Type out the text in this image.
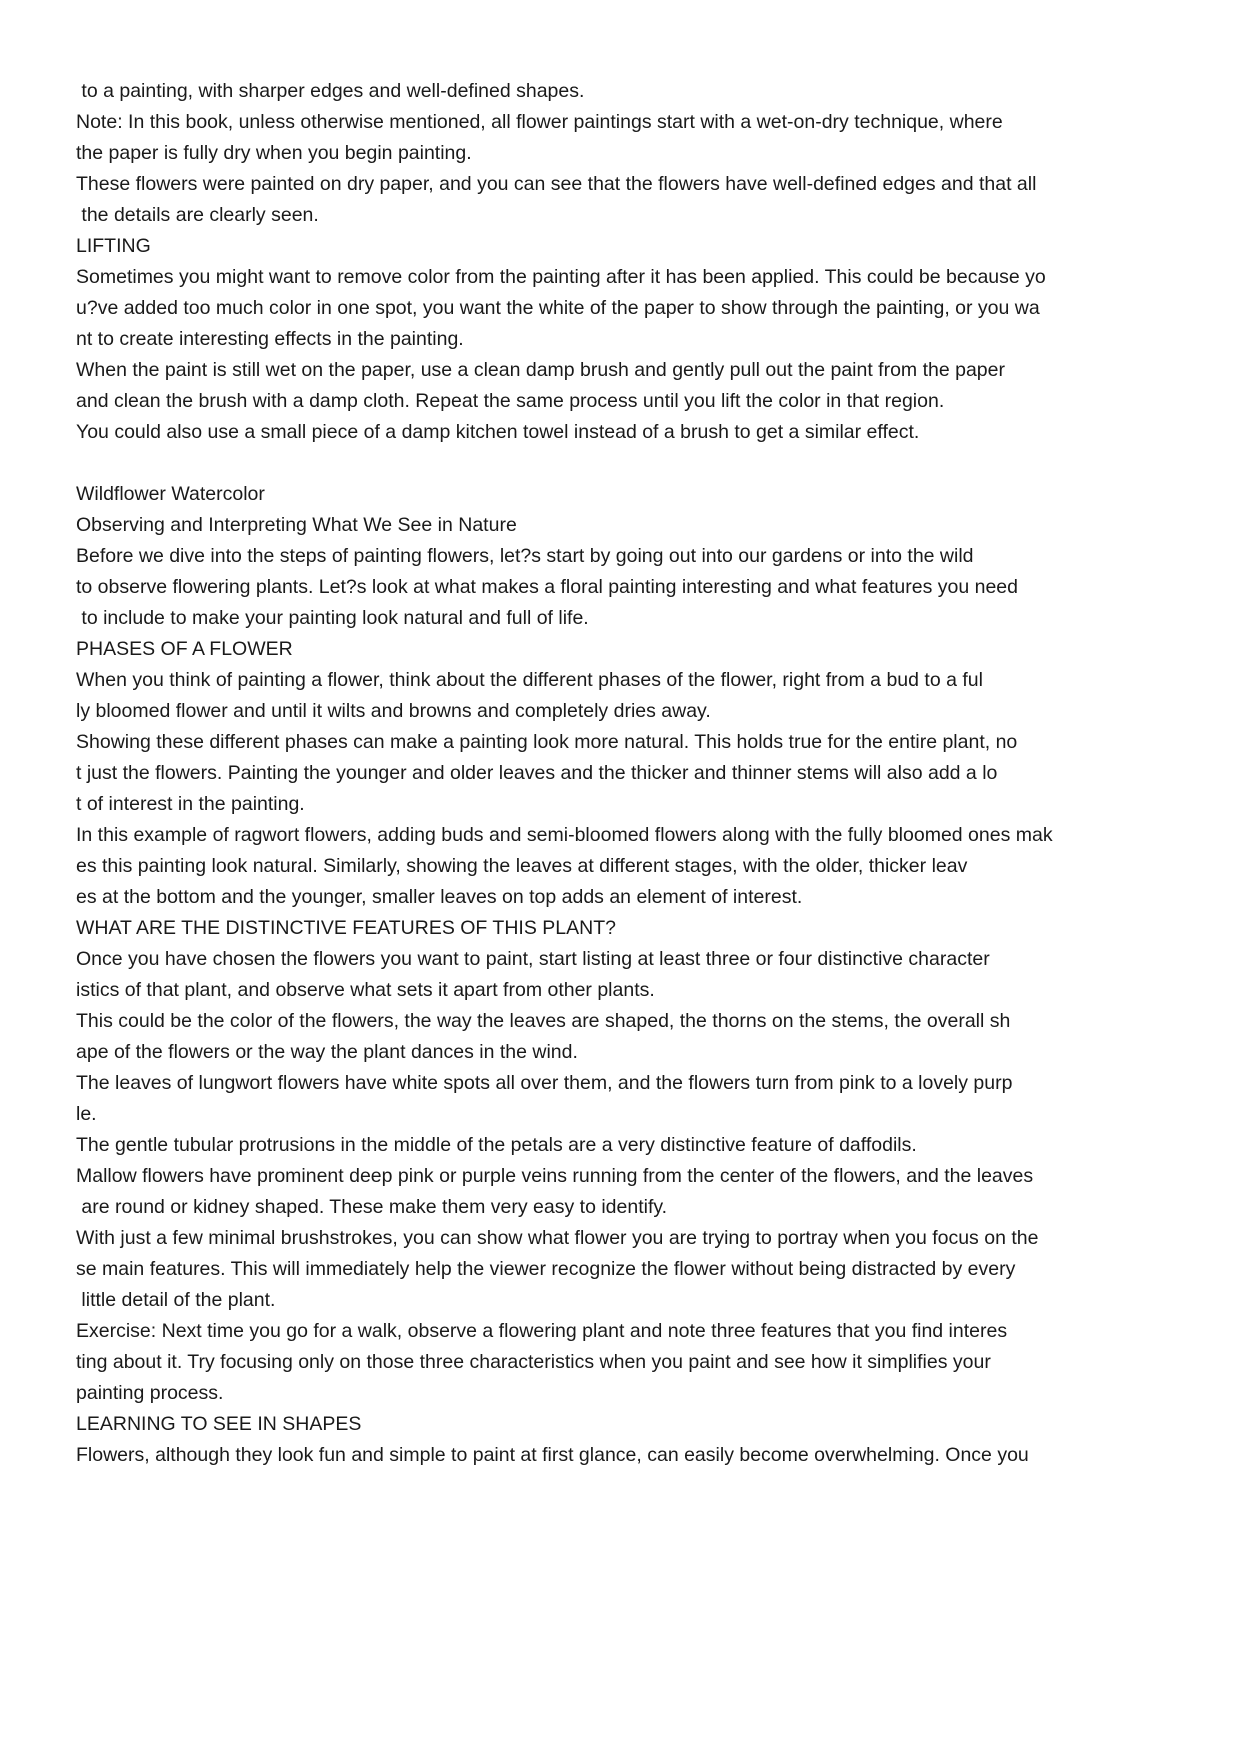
to a painting, with sharper edges and well-defined shapes.
Note: In this book, unless otherwise mentioned, all flower paintings start with a wet-on-dry technique, where
the paper is fully dry when you begin painting.
These flowers were painted on dry paper, and you can see that the flowers have well-defined edges and that all
the details are clearly seen.
LIFTING
Sometimes you might want to remove color from the painting after it has been applied. This could be because yo
u?ve added too much color in one spot, you want the white of the paper to show through the painting, or you wa
nt to create interesting effects in the painting.
When the paint is still wet on the paper, use a clean damp brush and gently pull out the paint from the paper
and clean the brush with a damp cloth. Repeat the same process until you lift the color in that region.
You could also use a small piece of a damp kitchen towel instead of a brush to get a similar effect.
Wildflower Watercolor
Observing and Interpreting What We See in Nature
Before we dive into the steps of painting flowers, let?s start by going out into our gardens or into the wild
to observe flowering plants. Let?s look at what makes a floral painting interesting and what features you need
to include to make your painting look natural and full of life.
PHASES OF A FLOWER
When you think of painting a flower, think about the different phases of the flower, right from a bud to a ful
ly bloomed flower and until it wilts and browns and completely dries away.
Showing these different phases can make a painting look more natural. This holds true for the entire plant, no
t just the flowers. Painting the younger and older leaves and the thicker and thinner stems will also add a lo
t of interest in the painting.
In this example of ragwort flowers, adding buds and semi-bloomed flowers along with the fully bloomed ones mak
es this painting look natural. Similarly, showing the leaves at different stages, with the older, thicker leav
es at the bottom and the younger, smaller leaves on top adds an element of interest.
WHAT ARE THE DISTINCTIVE FEATURES OF THIS PLANT?
Once you have chosen the flowers you want to paint, start listing at least three or four distinctive character
istics of that plant, and observe what sets it apart from other plants.
This could be the color of the flowers, the way the leaves are shaped, the thorns on the stems, the overall sh
ape of the flowers or the way the plant dances in the wind.
The leaves of lungwort flowers have white spots all over them, and the flowers turn from pink to a lovely purp
le.
The gentle tubular protrusions in the middle of the petals are a very distinctive feature of daffodils.
Mallow flowers have prominent deep pink or purple veins running from the center of the flowers, and the leaves
are round or kidney shaped. These make them very easy to identify.
With just a few minimal brushstrokes, you can show what flower you are trying to portray when you focus on the
se main features. This will immediately help the viewer recognize the flower without being distracted by every
little detail of the plant.
Exercise: Next time you go for a walk, observe a flowering plant and note three features that you find interes
ting about it. Try focusing only on those three characteristics when you paint and see how it simplifies your
painting process.
LEARNING TO SEE IN SHAPES
Flowers, although they look fun and simple to paint at first glance, can easily become overwhelming. Once you
